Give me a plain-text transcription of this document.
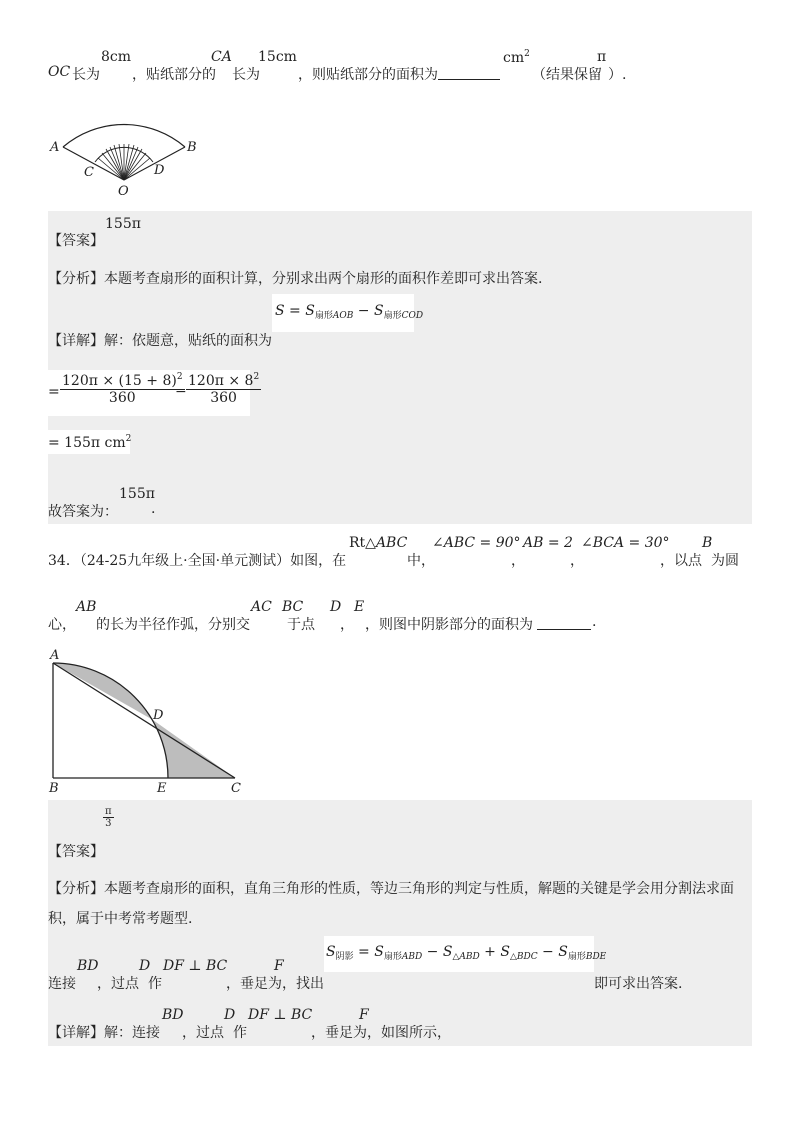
OC 长为
8cm
，贴纸部分的
CA
长为
15cm
，则贴纸部分的面积为
$cm^2$
（结果保留
π
）.
A	B
C	D
O
155π
【答案】
【分析】本题考查扇形的面积计算，分别求出两个扇形的面积作差即可求出答案.
$S = S_{扇形AOB} - S_{扇形COD}$
【详解】解：依题意，贴纸的面积为
= $\frac{120\pi \times (15 + 8)^2}{360}$
− $\frac{120\pi \times 8^2}{360}$
= 155π $cm^2$
故答案为：
155π
.
34．（24-25九年级上·全国·单元测试）如图，在
Rt△ABC
中，
∠ABC = 90°
，
AB = 2
，
∠BCA = 30°
，以点
B
为圆
心，
AB
的长为半径作弧，分别交
AC BC
于点
D
，
E
，则图中阴影部分的面积为	.
A
B	C
D
E
$\frac{\pi}{3}$
【答案】
【分析】本题考查扇形的面积，直角三角形的性质，等边三角形的判定与性质，解题的关键是学会用分割法求面
积，属于中考常考题型.
连接
BD
，过点
D
作
DF ⊥ BC
，垂足为
F
，找出
$S_{阴影} = S_{扇形ABD} - S_{\triangle ABD} + S_{\triangle BDC} - S_{扇形BDE}$
即可求出答案.
【详解】解：连接
BD
，过点
D
作
DF ⊥ BC
，垂足为
F
，如图所示，
